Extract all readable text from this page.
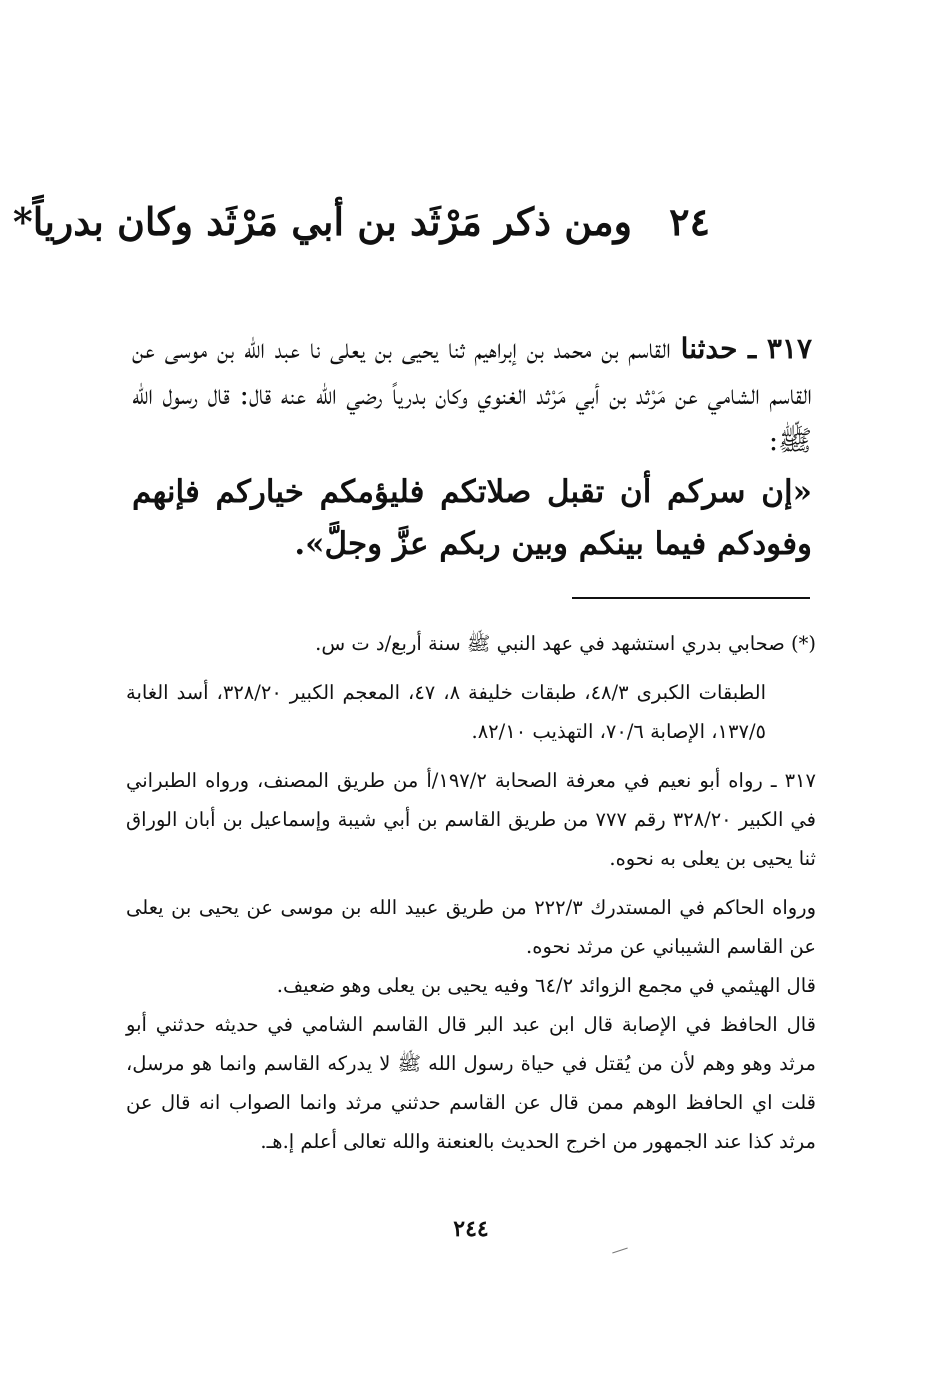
٢٤ ومن ذكر مَرْثَد بن أبي مَرْثَد وكان بدرياً*

٣١٧ ـ حدثنا القاسم بن محمد بن إبراهيم ثنا يحيى بن يعلى نا عبد الله بن موسى عن القاسم الشامي عن مَرْثد بن أبي مَرْثد الغنوي وكان بدرياً رضي الله عنه قال: قال رسول الله ﷺ:

«إن سركم أن تقبل صلاتكم فليؤمكم خياركم فإنهم وفودكم فيما بينكم وبين ربكم عزَّ وجلَّ».

(*) صحابي بدري استشهد في عهد النبي ﷺ سنة أربع/د ت س.

الطبقات الكبرى ٤٨/٣، طبقات خليفة ٨، ٤٧، المعجم الكبير ٣٢٨/٢٠، أسد الغابة ١٣٧/٥، الإصابة ٧٠/٦، التهذيب ٨٢/١٠.

٣١٧ ـ رواه أبو نعيم في معرفة الصحابة ١٩٧/٢/أ من طريق المصنف، ورواه الطبراني في الكبير ٣٢٨/٢٠ رقم ٧٧٧ من طريق القاسم بن أبي شيبة وإسماعيل بن أبان الوراق ثنا يحيى بن يعلى به نحوه.

ورواه الحاكم في المستدرك ٢٢٢/٣ من طريق عبيد الله بن موسى عن يحيى بن يعلى عن القاسم الشيباني عن مرثد نحوه.

قال الهيثمي في مجمع الزوائد ٦٤/٢ وفيه يحيى بن يعلى وهو ضعيف.

قال الحافظ في الإصابة قال ابن عبد البر قال القاسم الشامي في حديثه حدثني أبو مرثد وهو وهم لأن من يُقتل في حياة رسول الله ﷺ لا يدركه القاسم وانما هو مرسل، قلت اي الحافظ الوهم ممن قال عن القاسم حدثني مرثد وانما الصواب انه قال عن مرثد كذا عند الجمهور من اخرج الحديث بالعنعنة والله تعالى أعلم إ.هـ.

٢٤٤
